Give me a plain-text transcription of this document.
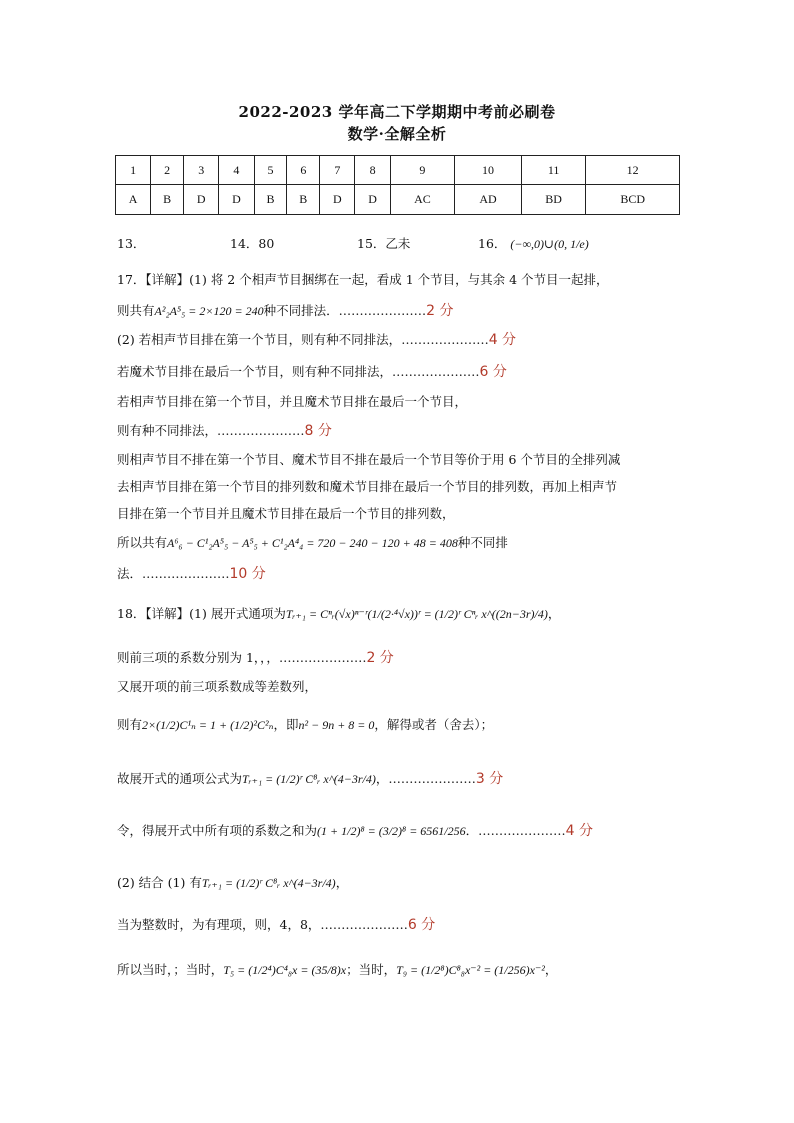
2022-2023 学年高二下学期期中考前必刷卷
数学·全解全析
1	2	3	4	5	6	7	8	9	10	11	12
A	B	D	D	B	B	D	D	AC	AD	BD	BCD
13．	14．80	15．乙未	16． (−∞,0)∪(0, 1/e)
17．【详解】(1) 将 2 个相声节目捆绑在一起，看成 1 个节目，与其余 4 个节目一起排，
则共有A²₂A⁵₅ = 2×120 = 240种不同排法．…………………2 分
(2) 若相声节目排在第一个节目，则有种不同排法，…………………4 分
若魔术节目排在最后一个节目，则有种不同排法，…………………6 分
若相声节目排在第一个节目，并且魔术节目排在最后一个节目，
则有种不同排法，…………………8 分
则相声节目不排在第一个节目、魔术节目不排在最后一个节目等价于用 6 个节目的全排列减
去相声节目排在第一个节目的排列数和魔术节目排在最后一个节目的排列数，再加上相声节
目排在第一个节目并且魔术节目排在最后一个节目的排列数，
所以共有A⁶₆ − C¹₂A⁵₅ − A⁵₅ + C¹₂A⁴₄ = 720 − 240 − 120 + 48 = 408种不同排
法．…………………10 分
18．【详解】(1) 展开式通项为Tᵣ₊₁ = Cⁿᵣ(√x)ⁿ⁻ʳ(1/(2·⁴√x))ʳ = (1/2)ʳ Cⁿᵣ x^((2n−3r)/4)，
则前三项的系数分别为 1，，，…………………2 分
又展开项的前三项系数成等差数列，
则有2×(1/2)C¹ₙ = 1 + (1/2)²C²ₙ，即n² − 9n + 8 = 0，解得或者（舍去）；
故展开式的通项公式为Tᵣ₊₁ = (1/2)ʳ C⁸ᵣ x^(4−3r/4)，…………………3 分
令，得展开式中所有项的系数之和为(1 + 1/2)⁸ = (3/2)⁸ = 6561/256．…………………4 分
(2) 结合 (1) 有Tᵣ₊₁ = (1/2)ʳ C⁸ᵣ x^(4−3r/4)，
当为整数时，为有理项，则，4，8，…………………6 分
所以当时，；当时，T₅ = (1/2⁴)C⁴₈x = (35/8)x；当时，T₉ = (1/2⁸)C⁸₈x⁻² = (1/256)x⁻²，
